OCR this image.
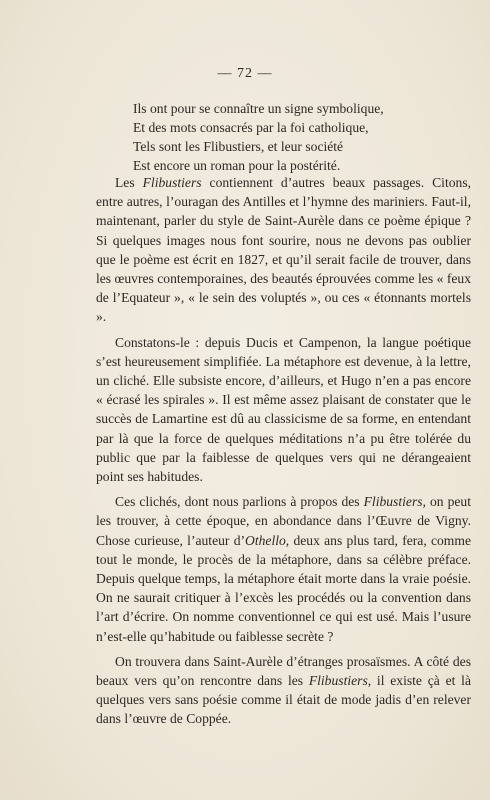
— 72 —
Ils ont pour se connaître un signe symbolique,
Et des mots consacrés par la foi catholique,
Tels sont les Flibustiers, et leur société
Est encore un roman pour la postérité.

Les Flibustiers contiennent d’autres beaux passages. Citons, entre autres, l’ouragan des Antilles et l’hymne des mariniers. Faut-il, maintenant, parler du style de Saint-Aurèle dans ce poème épique ? Si quelques images nous font sourire, nous ne devons pas oublier que le poème est écrit en 1827, et qu’il serait facile de trouver, dans les œuvres contemporaines, des beautés éprouvées comme les « feux de l’Equateur », « le sein des voluptés », ou ces « étonnants mortels ».

Constatons-le : depuis Ducis et Campenon, la langue poétique s’est heureusement simplifiée. La métaphore est devenue, à la lettre, un cliché. Elle subsiste encore, d’ailleurs, et Hugo n’en a pas encore « écrasé les spirales ». Il est même assez plaisant de constater que le succès de Lamartine est dû au classicisme de sa forme, en entendant par là que la force de quelques méditations n’a pu être tolérée du public que par la faiblesse de quelques vers qui ne dérangeaient point ses habitudes.

Ces clichés, dont nous parlions à propos des Flibustiers, on peut les trouver, à cette époque, en abondance dans l’Œuvre de Vigny. Chose curieuse, l’auteur d’Othello, deux ans plus tard, fera, comme tout le monde, le procès de la métaphore, dans sa célèbre préface. Depuis quelque temps, la métaphore était morte dans la vraie poésie. On ne saurait critiquer à l’excès les procédés ou la convention dans l’art d’écrire. On nomme conventionnel ce qui est usé. Mais l’usure n’est-elle qu’habitude ou faiblesse secrète ?

On trouvera dans Saint-Aurèle d’étranges prosaïsmes. A côté des beaux vers qu’on rencontre dans les Flibustiers, il existe çà et là quelques vers sans poésie comme il était de mode jadis d’en relever dans l’œuvre de Coppée.
